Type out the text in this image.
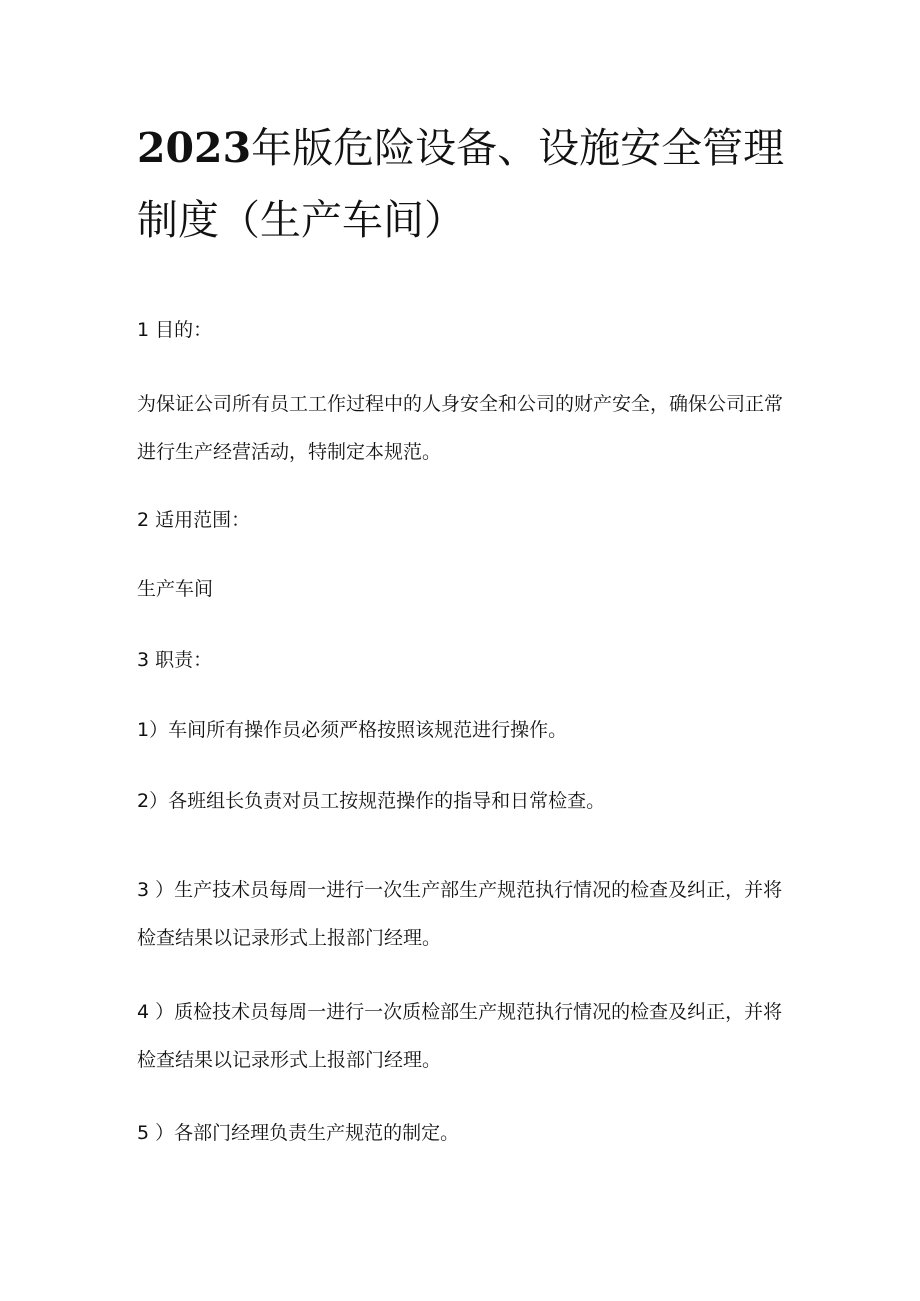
2023年版危险设备、设施安全管理制度（生产车间）

1 目的：

为保证公司所有员工工作过程中的人身安全和公司的财产安全，确保公司正常进行生产经营活动，特制定本规范。

2 适用范围：

生产车间

3 职责：

1）车间所有操作员必须严格按照该规范进行操作。

2）各班组长负责对员工按规范操作的指导和日常检查。

3 ）生产技术员每周一进行一次生产部生产规范执行情况的检查及纠正，并将检查结果以记录形式上报部门经理。

4 ）质检技术员每周一进行一次质检部生产规范执行情况的检查及纠正，并将检查结果以记录形式上报部门经理。

5 ）各部门经理负责生产规范的制定。
